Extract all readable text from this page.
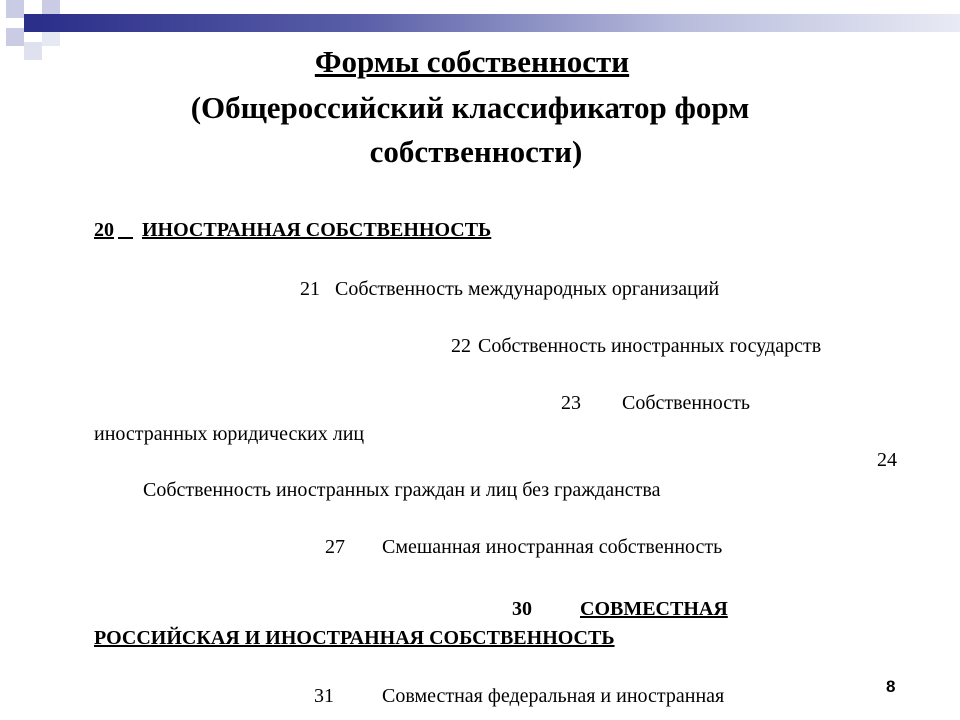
Формы собственности
(Общероссийский классификатор форм
собственности)
20
ИНОСТРАННАЯ СОБСТВЕННОСТЬ
21 Собственность международных организаций
22 Собственность иностранных государств
23 Собственность
иностранных юридических лиц
24
Собственность иностранных граждан и лиц без гражданства
27 Смешанная иностранная собственность
30 СОВМЕСТНАЯ
РОССИЙСКАЯ И ИНОСТРАННАЯ СОБСТВЕННОСТЬ
31 Совместная федеральная и иностранная	8
